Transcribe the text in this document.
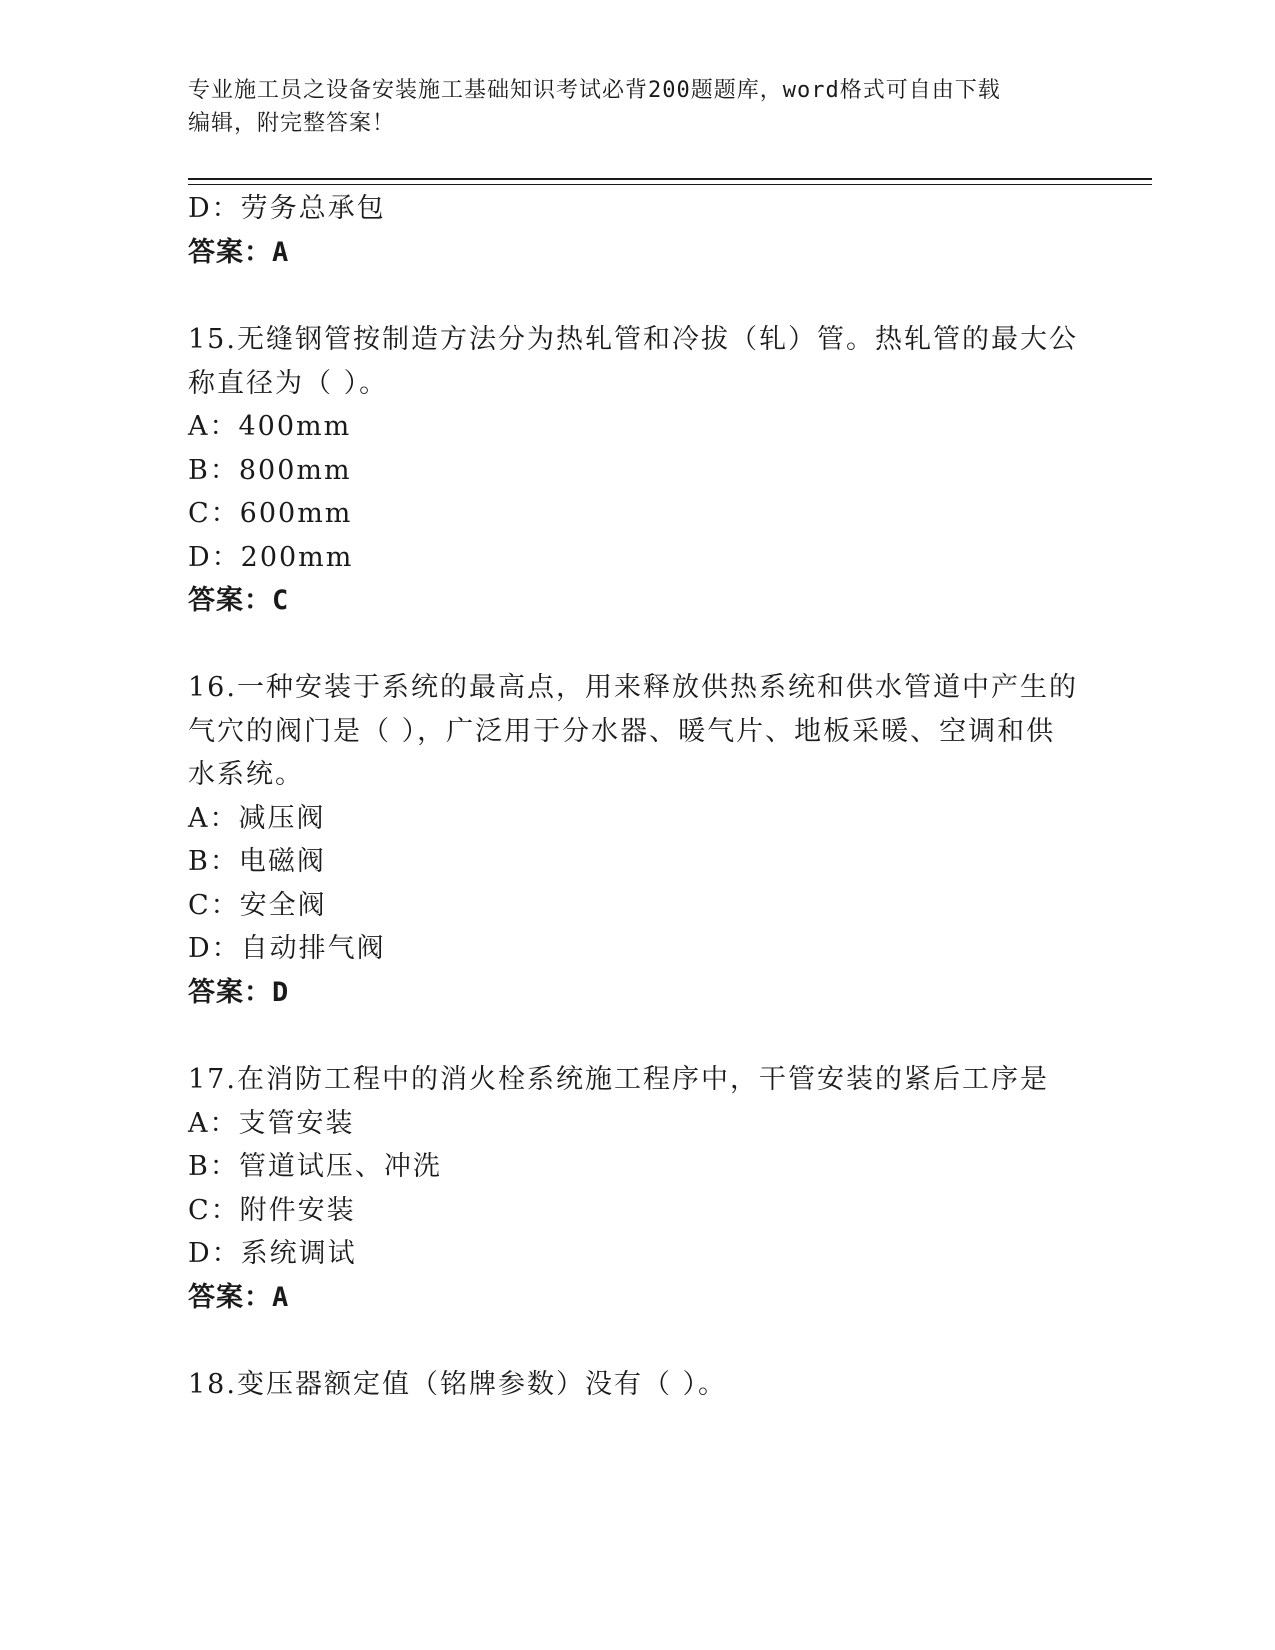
专业施工员之设备安装施工基础知识考试必背200题题库，word格式可自由下载
编辑，附完整答案！
D：劳务总承包
答案：A
15.无缝钢管按制造方法分为热轧管和冷拔（轧）管。热轧管的最大公
称直径为（ ）。
A：400mm
B：800mm
C：600mm
D：200mm
答案：C
16.一种安装于系统的最高点，用来释放供热系统和供水管道中产生的
气穴的阀门是（ ），广泛用于分水器、暖气片、地板采暖、空调和供
水系统。
A：减压阀
B：电磁阀
C：安全阀
D：自动排气阀
答案：D
17.在消防工程中的消火栓系统施工程序中，干管安装的紧后工序是
A：支管安装
B：管道试压、冲洗
C：附件安装
D：系统调试
答案：A
18.变压器额定值（铭牌参数）没有（ ）。
